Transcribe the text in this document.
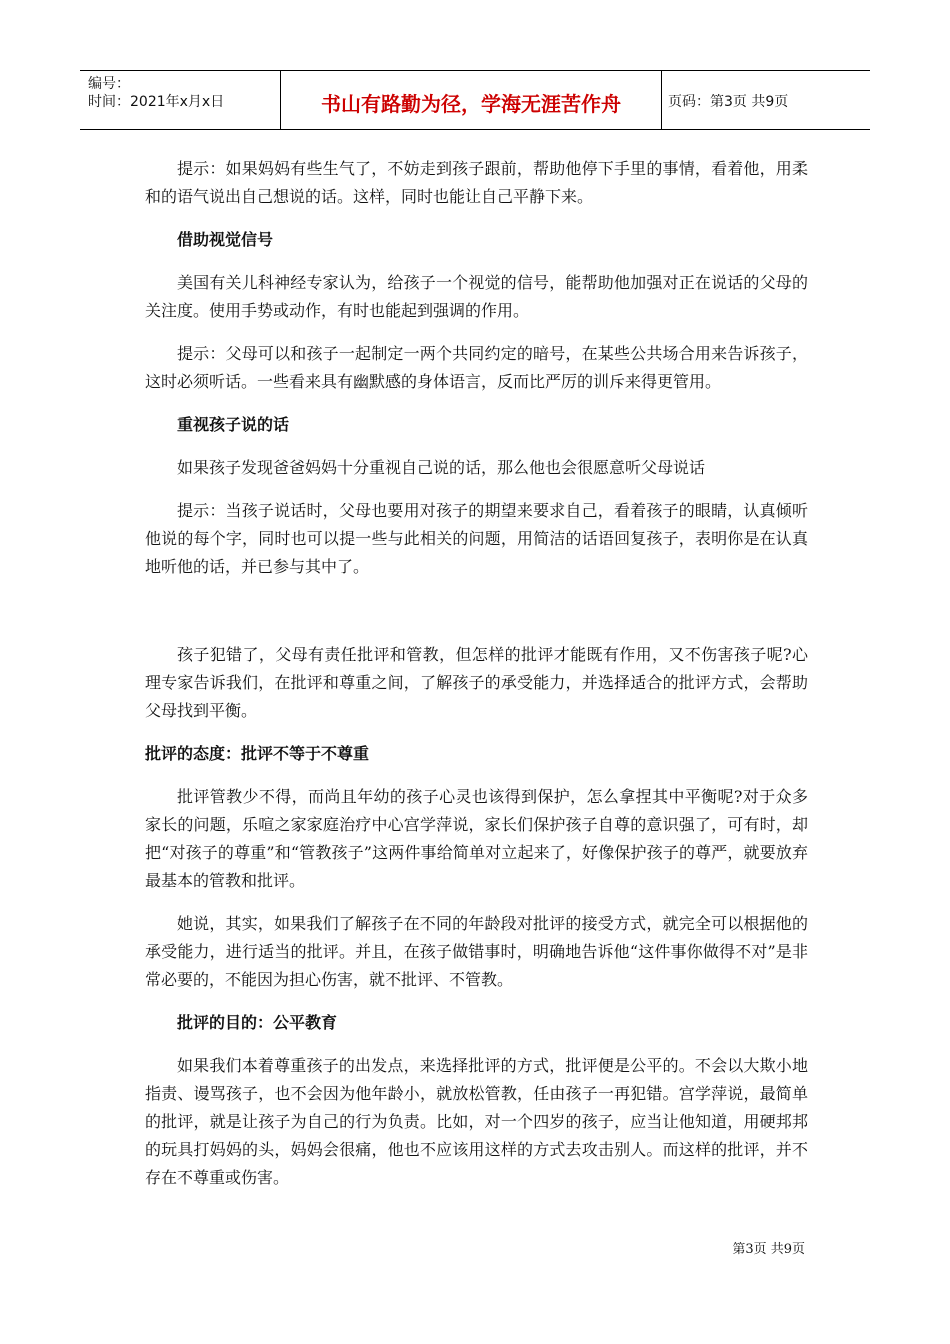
编号：
时间：2021年x月x日	书山有路勤为径，学海无涯苦作舟	页码：第3页 共9页

提示：如果妈妈有些生气了，不妨走到孩子跟前，帮助他停下手里的事情，看着他，用柔和的语气说出自己想说的话。这样，同时也能让自己平静下来。

借助视觉信号

美国有关儿科神经专家认为，给孩子一个视觉的信号，能帮助他加强对正在说话的父母的关注度。使用手势或动作，有时也能起到强调的作用。

提示：父母可以和孩子一起制定一两个共同约定的暗号，在某些公共场合用来告诉孩子，这时必须听话。一些看来具有幽默感的身体语言，反而比严厉的训斥来得更管用。

重视孩子说的话

如果孩子发现爸爸妈妈十分重视自己说的话，那么他也会很愿意听父母说话

提示：当孩子说话时，父母也要用对孩子的期望来要求自己，看着孩子的眼睛，认真倾听他说的每个字，同时也可以提一些与此相关的问题，用简洁的话语回复孩子，表明你是在认真地听他的话，并已参与其中了。

孩子犯错了，父母有责任批评和管教，但怎样的批评才能既有作用，又不伤害孩子呢?心理专家告诉我们，在批评和尊重之间，了解孩子的承受能力，并选择适合的批评方式，会帮助父母找到平衡。

批评的态度：批评不等于不尊重

批评管教少不得，而尚且年幼的孩子心灵也该得到保护，怎么拿捏其中平衡呢?对于众多家长的问题，乐喧之家家庭治疗中心宫学萍说，家长们保护孩子自尊的意识强了，可有时，却把“对孩子的尊重”和“管教孩子”这两件事给简单对立起来了，好像保护孩子的尊严，就要放弃最基本的管教和批评。

她说，其实，如果我们了解孩子在不同的年龄段对批评的接受方式，就完全可以根据他的承受能力，进行适当的批评。并且，在孩子做错事时，明确地告诉他“这件事你做得不对”是非常必要的，不能因为担心伤害，就不批评、不管教。

批评的目的：公平教育

如果我们本着尊重孩子的出发点，来选择批评的方式，批评便是公平的。不会以大欺小地指责、谩骂孩子，也不会因为他年龄小，就放松管教，任由孩子一再犯错。宫学萍说，最简单的批评，就是让孩子为自己的行为负责。比如，对一个四岁的孩子，应当让他知道，用硬邦邦的玩具打妈妈的头，妈妈会很痛，他也不应该用这样的方式去攻击别人。而这样的批评，并不存在不尊重或伤害。

第3页 共9页
